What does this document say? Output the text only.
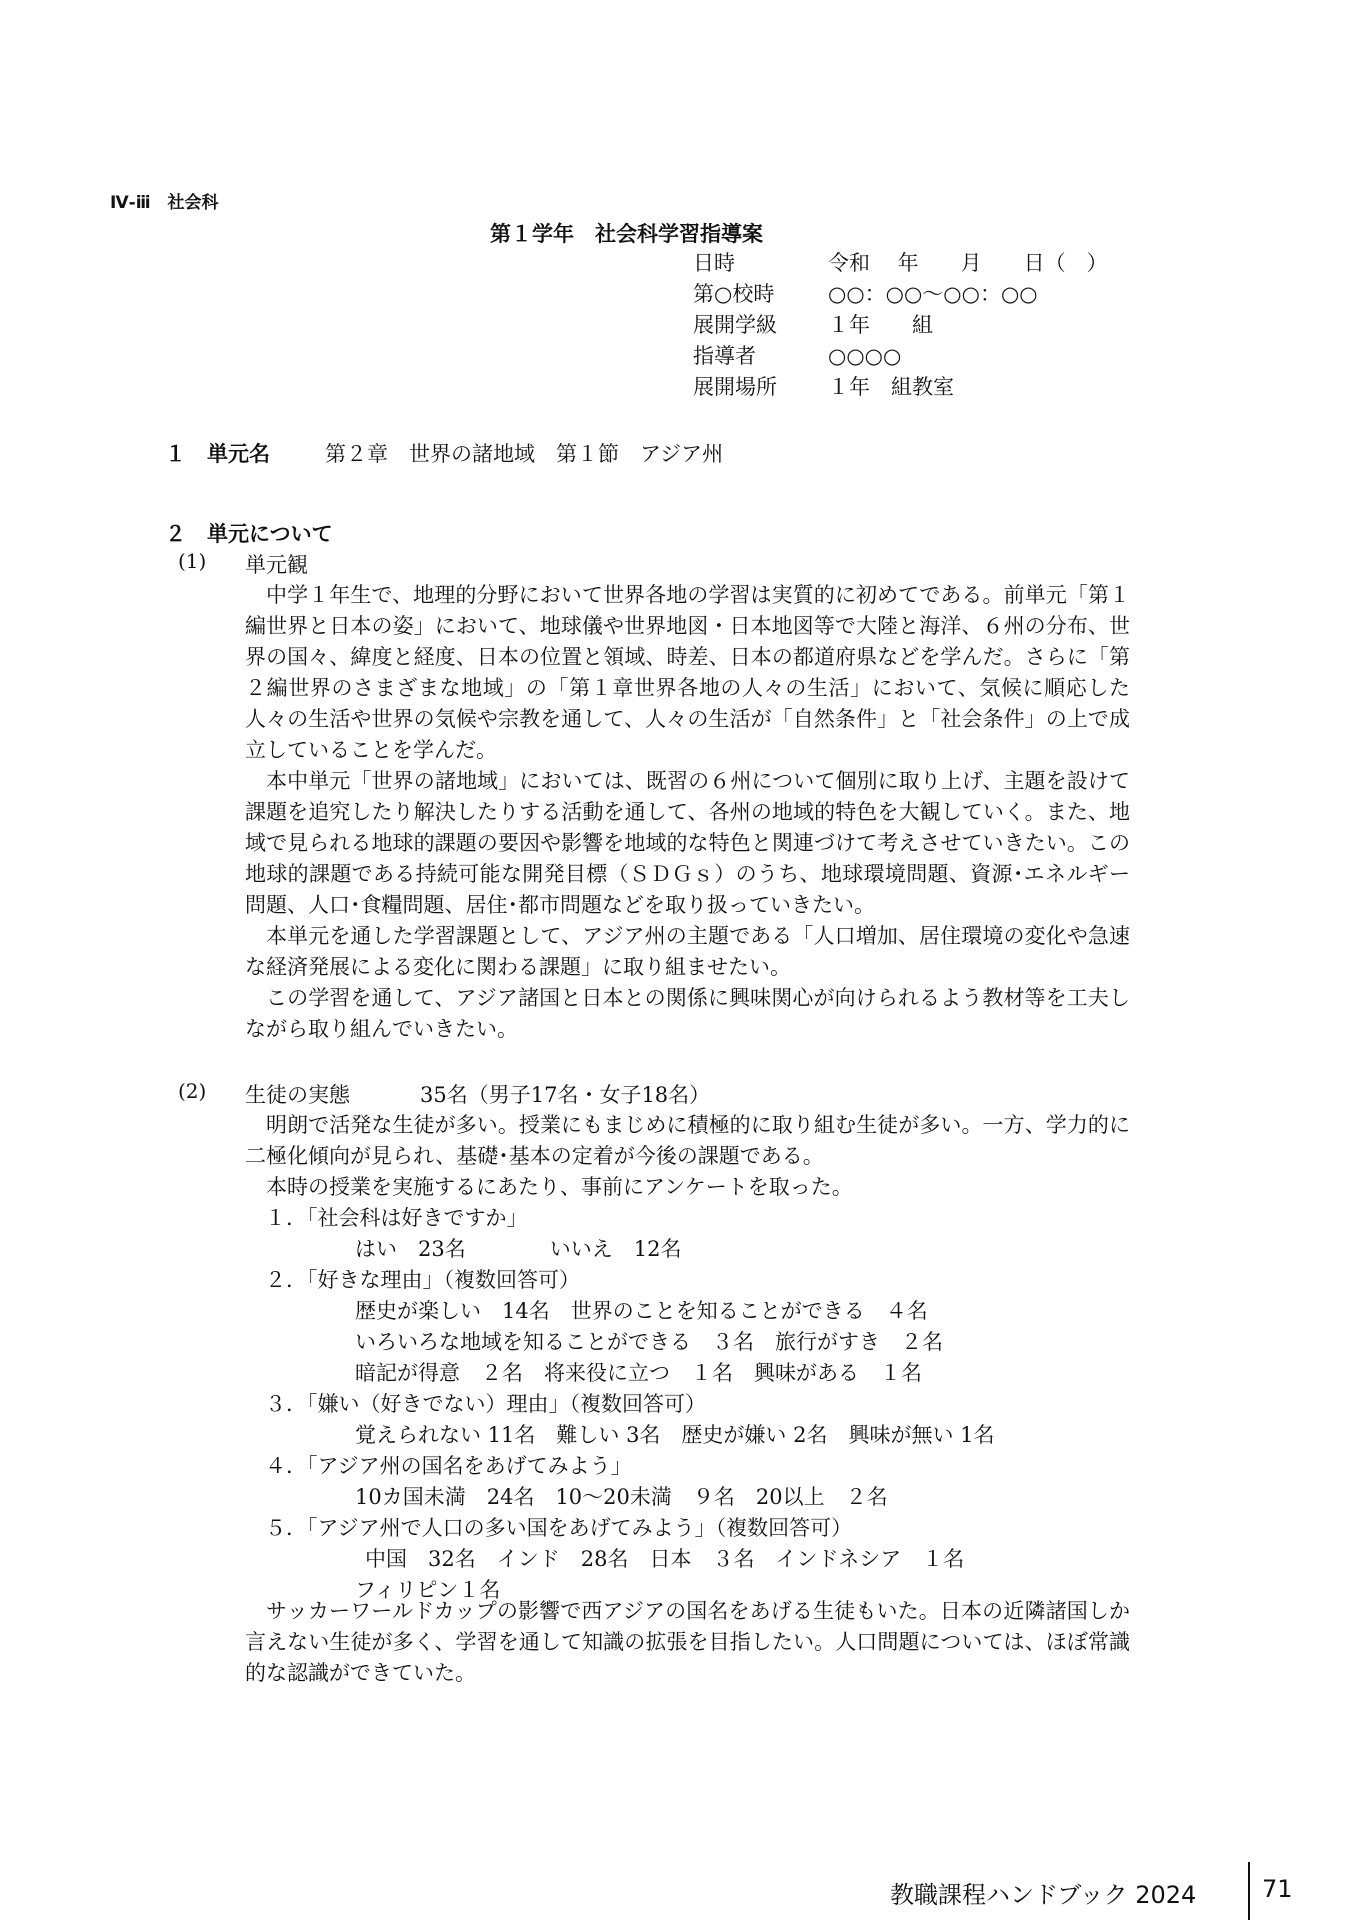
Ⅳ-ⅲ　社会科
第１学年　社会科学習指導案
日時	令和　 年　　月　　日（　）
第○校時	○○：○○～○○：○○
展開学級	１年　　組
指導者	○○○○
展開場所	１年　組教室
１　単元名	第２章　世界の諸地域　第１節　アジア州
２　単元について
(1) 単元観

中学１年生で、地理的分野において世界各地の学習は実質的に初めてである。前単元「第１編世界と日本の姿」において、地球儀や世界地図・日本地図等で大陸と海洋、６州の分布、世界の国々、緯度と経度、日本の位置と領域、時差、日本の都道府県などを学んだ。さらに「第２編世界のさまざまな地域」の「第１章世界各地の人々の生活」において、気候に順応した人々の生活や世界の気候や宗教を通して、人々の生活が「自然条件」と「社会条件」の上で成立していることを学んだ。

本中単元「世界の諸地域」においては、既習の６州について個別に取り上げ、主題を設けて課題を追究したり解決したりする活動を通して、各州の地域的特色を大観していく。また、地域で見られる地球的課題の要因や影響を地域的な特色と関連づけて考えさせていきたい。この地球的課題である持続可能な開発目標（ＳＤＧｓ）のうち、地球環境問題、資源･エネルギー問題、人口･食糧問題、居住･都市問題などを取り扱っていきたい。

本単元を通した学習課題として、アジア州の主題である「人口増加、居住環境の変化や急速な経済発展による変化に関わる課題」に取り組ませたい。

この学習を通して、アジア諸国と日本との関係に興味関心が向けられるよう教材等を工夫しながら取り組んでいきたい。

(2) 生徒の実態	35名（男子17名・女子18名）

明朗で活発な生徒が多い。授業にもまじめに積極的に取り組む生徒が多い。一方、学力的に二極化傾向が見られ、基礎･基本の定着が今後の課題である。

本時の授業を実施するにあたり、事前にアンケートを取った。

１．「社会科は好きですか」
はい　23名　　　　いいえ　12名
２．「好きな理由」（複数回答可）
歴史が楽しい　14名　世界のことを知ることができる　４名
いろいろな地域を知ることができる　３名　旅行がすき　２名
暗記が得意　２名　将来役に立つ　１名　興味がある　１名
３．「嫌い（好きでない）理由」（複数回答可）
覚えられない 11名　難しい 3名　歴史が嫌い 2名　興味が無い 1名
４．「アジア州の国名をあげてみよう」
10カ国未満　24名　10～20未満　９名　20以上　２名
５．「アジア州で人口の多い国をあげてみよう」（複数回答可）
中国　32名　インド　28名　日本　３名　インドネシア　１名
フィリピン１名

サッカーワールドカップの影響で西アジアの国名をあげる生徒もいた。日本の近隣諸国しか言えない生徒が多く、学習を通して知識の拡張を目指したい。人口問題については、ほぼ常識的な認識ができていた。

教職課程ハンドブック 2024	71
